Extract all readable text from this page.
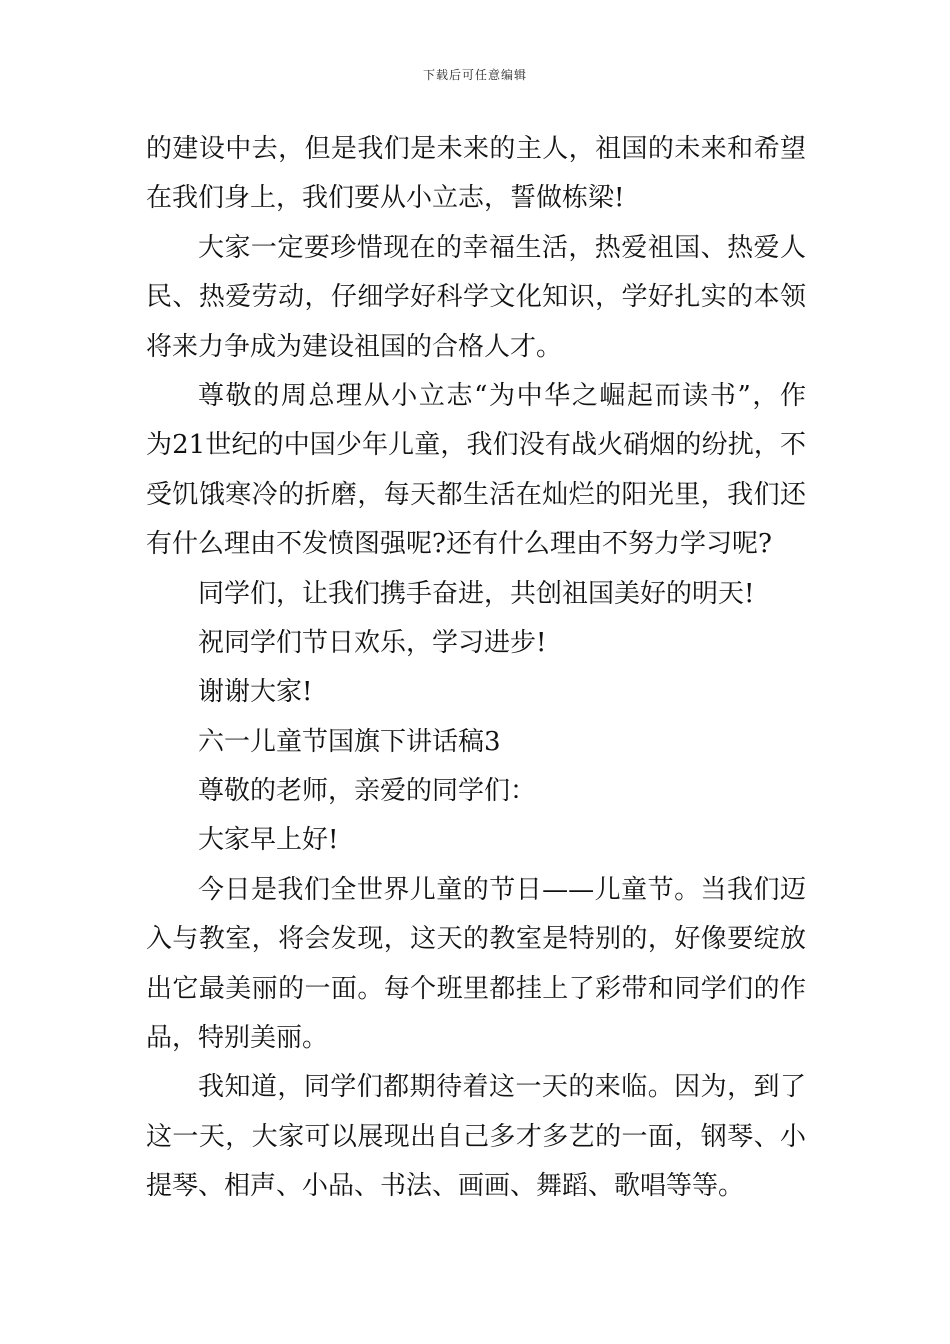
下载后可任意编辑
的建设中去，但是我们是未来的主人，祖国的未来和希望
在我们身上，我们要从小立志，誓做栋梁!
大家一定要珍惜现在的幸福生活，热爱祖国、热爱人
民、热爱劳动，仔细学好科学文化知识，学好扎实的本领
将来力争成为建设祖国的合格人才。
尊敬的周总理从小立志“为中华之崛起而读书”，作
为21世纪的中国少年儿童，我们没有战火硝烟的纷扰，不
受饥饿寒冷的折磨，每天都生活在灿烂的阳光里，我们还
有什么理由不发愤图强呢?还有什么理由不努力学习呢?
同学们，让我们携手奋进，共创祖国美好的明天!
祝同学们节日欢乐，学习进步!
谢谢大家!
六一儿童节国旗下讲话稿3
尊敬的老师，亲爱的同学们：
大家早上好!
今日是我们全世界儿童的节日——儿童节。当我们迈
入与教室，将会发现，这天的教室是特别的，好像要绽放
出它最美丽的一面。每个班里都挂上了彩带和同学们的作
品，特别美丽。
我知道，同学们都期待着这一天的来临。因为，到了
这一天，大家可以展现出自己多才多艺的一面，钢琴、小
提琴、相声、小品、书法、画画、舞蹈、歌唱等等。
